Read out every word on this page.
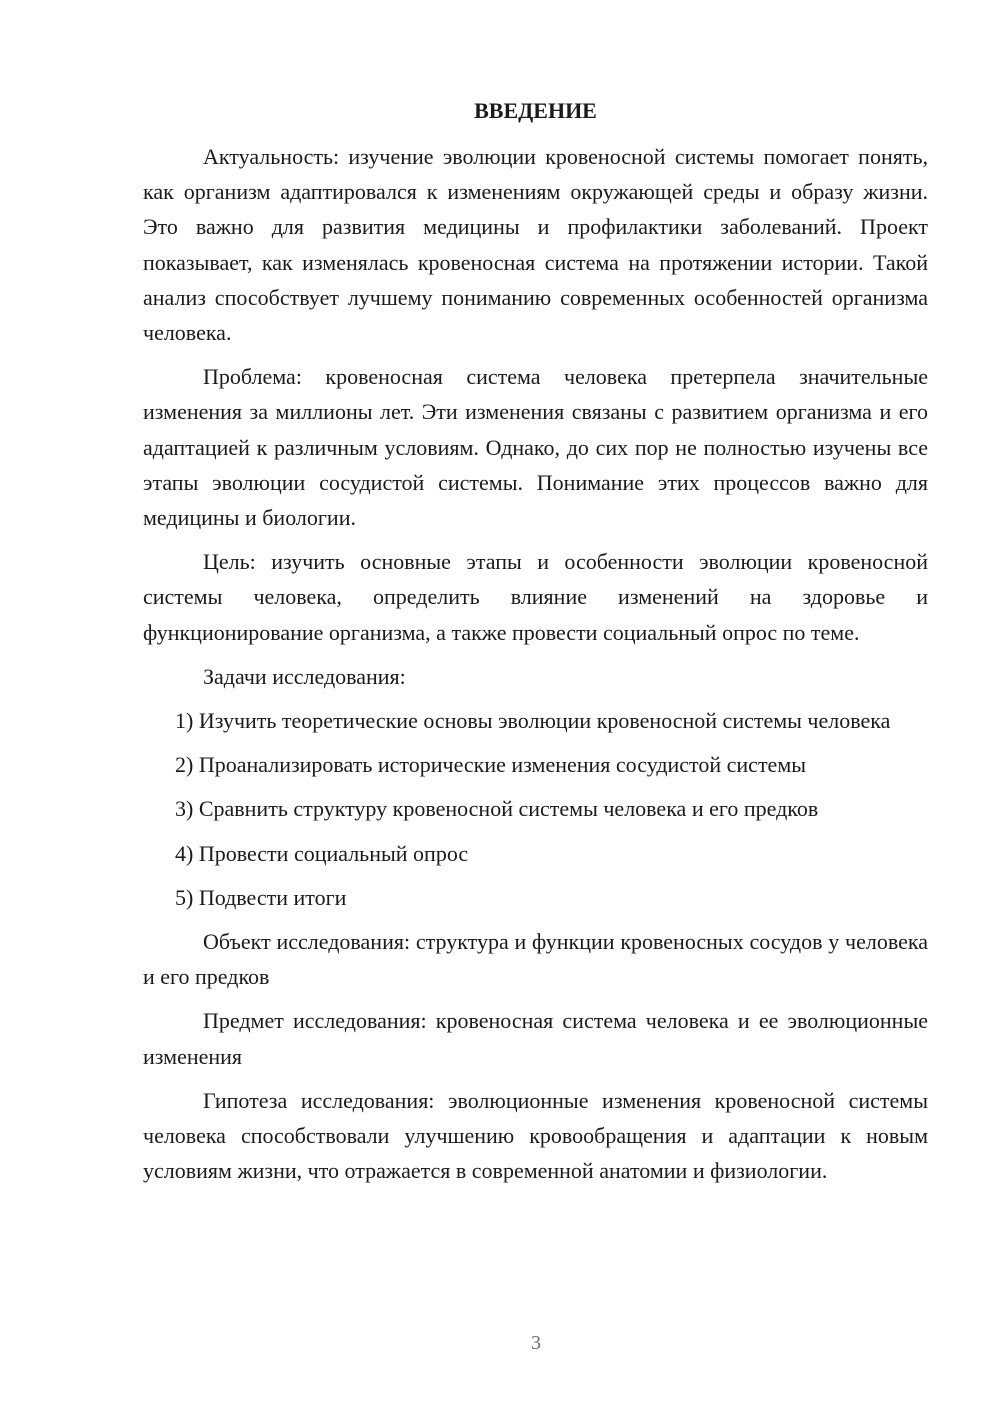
ВВЕДЕНИЕ

Актуальность: изучение эволюции кровеносной системы помогает понять, как организм адаптировался к изменениям окружающей среды и образу жизни. Это важно для развития медицины и профилактики заболеваний. Проект показывает, как изменялась кровеносная система на протяжении истории. Такой анализ способствует лучшему пониманию современных особенностей организма человека.

Проблема: кровеносная система человека претерпела значительные изменения за миллионы лет. Эти изменения связаны с развитием организма и его адаптацией к различным условиям. Однако, до сих пор не полностью изучены все этапы эволюции сосудистой системы. Понимание этих процессов важно для медицины и биологии.

Цель: изучить основные этапы и особенности эволюции кровеносной системы человека, определить влияние изменений на здоровье и функционирование организма, а также провести социальный опрос по теме.

Задачи исследования:

1) Изучить теоретические основы эволюции кровеносной системы человека

2) Проанализировать исторические изменения сосудистой системы

3) Сравнить структуру кровеносной системы человека и его предков

4) Провести социальный опрос

5) Подвести итоги

Объект исследования: структура и функции кровеносных сосудов у человека и его предков

Предмет исследования: кровеносная система человека и ее эволюционные изменения

Гипотеза исследования: эволюционные изменения кровеносной системы человека способствовали улучшению кровообращения и адаптации к новым условиям жизни, что отражается в современной анатомии и физиологии.

3
